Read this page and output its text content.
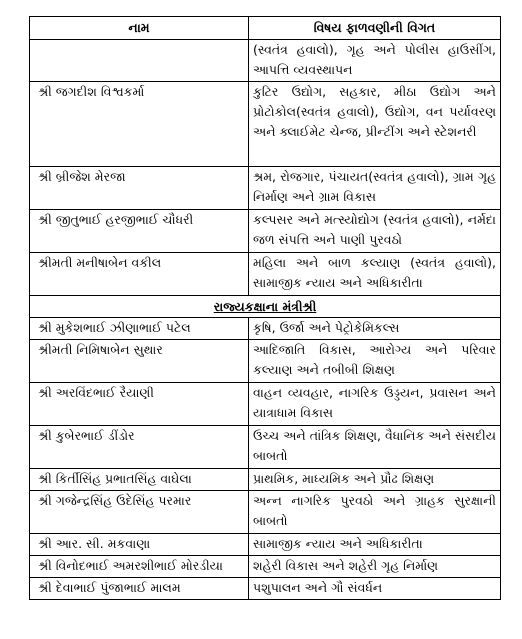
નામ	વિષય ફાળવણીની વિગત
	(સ્વતંત્ર હવાલો), ગૃહ અને પોલીસ હાઉસીંગ, આપત્તિ વ્યવસ્થાપન
શ્રી જગદીશ વિશ્વકર્મા	કુટિર ઉદ્યોગ, સહકાર, મીઠા ઉદ્યોગ અને પ્રોટોકોલ(સ્વતંત્ર હવાલો), ઉદ્યોગ, વન પર્યાવરણ અને ક્લાઈમેટ ચેન્જ, પ્રીન્ટીંગ અને સ્ટેશનરી
શ્રી બ્રીજેશ મેરજા	શ્રમ, રોજગાર, પંચાયત(સ્વતંત્ર હવાલો), ગ્રામ ગૃહ નિર્માણ અને ગ્રામ વિકાસ
શ્રી જીતુભાઈ હરજીભાઈ ચૌધરી	કલ્પસર અને મત્સ્યોદ્યોગ (સ્વતંત્ર હવાલો), નર્મદા જળ સંપત્તિ અને પાણી પુરવઠો
શ્રીમતી મનીષાબેન વકીલ	મહિલા અને બાળ કલ્યાણ (સ્વતંત્ર હવાલો), સામાજીક ન્યાય અને અધિકારીતા
રાજ્યકક્ષાના મંત્રીશ્રી	
શ્રી મુકેશભાઈ ઝીણાભાઈ પટેલ	કૃષિ, ઉર્જા અને પેટ્રોકેમિકલ્સ
શ્રીમતી નિમિષાબેન સુથાર	આદિજાતિ વિકાસ, આરોગ્ય અને પરિવાર કલ્યાણ અને તબીબી શિક્ષણ
શ્રી અરવિંદભાઈ રૈયાણી	વાહન વ્યવહાર, નાગરિક ઉડ્ડયન, પ્રવાસન અને યાત્રાધામ વિકાસ
શ્રી કુબેરભાઈ ડીંડોર	ઉચ્ચ અને તાંત્રિક શિક્ષણ, વૈધાનિક અને સંસદીય બાબતો
શ્રી કિર્તીસિંહ પ્રભાતસિંહ વાઘેલા	પ્રાથમિક, માધ્યમિક અને પ્રૌઢ શિક્ષણ
શ્રી ગજેન્દ્રસિંહ ઉદેસિંહ પરમાર	અન્ન નાગરિક પુરવઠો અને ગ્રાહક સુરક્ષાની બાબતો
શ્રી આર. સી. મકવાણા	સામાજીક ન્યાય અને અધિકારીતા
શ્રી વિનોદભાઈ અમરશીભાઈ મોરડીયા	શહેરી વિકાસ અને શહેરી ગૃહ નિર્માણ
શ્રી દેવાભાઈ પુંજાભાઈ માલમ	પશુપાલન અને ગૌ સંવર્ધન
